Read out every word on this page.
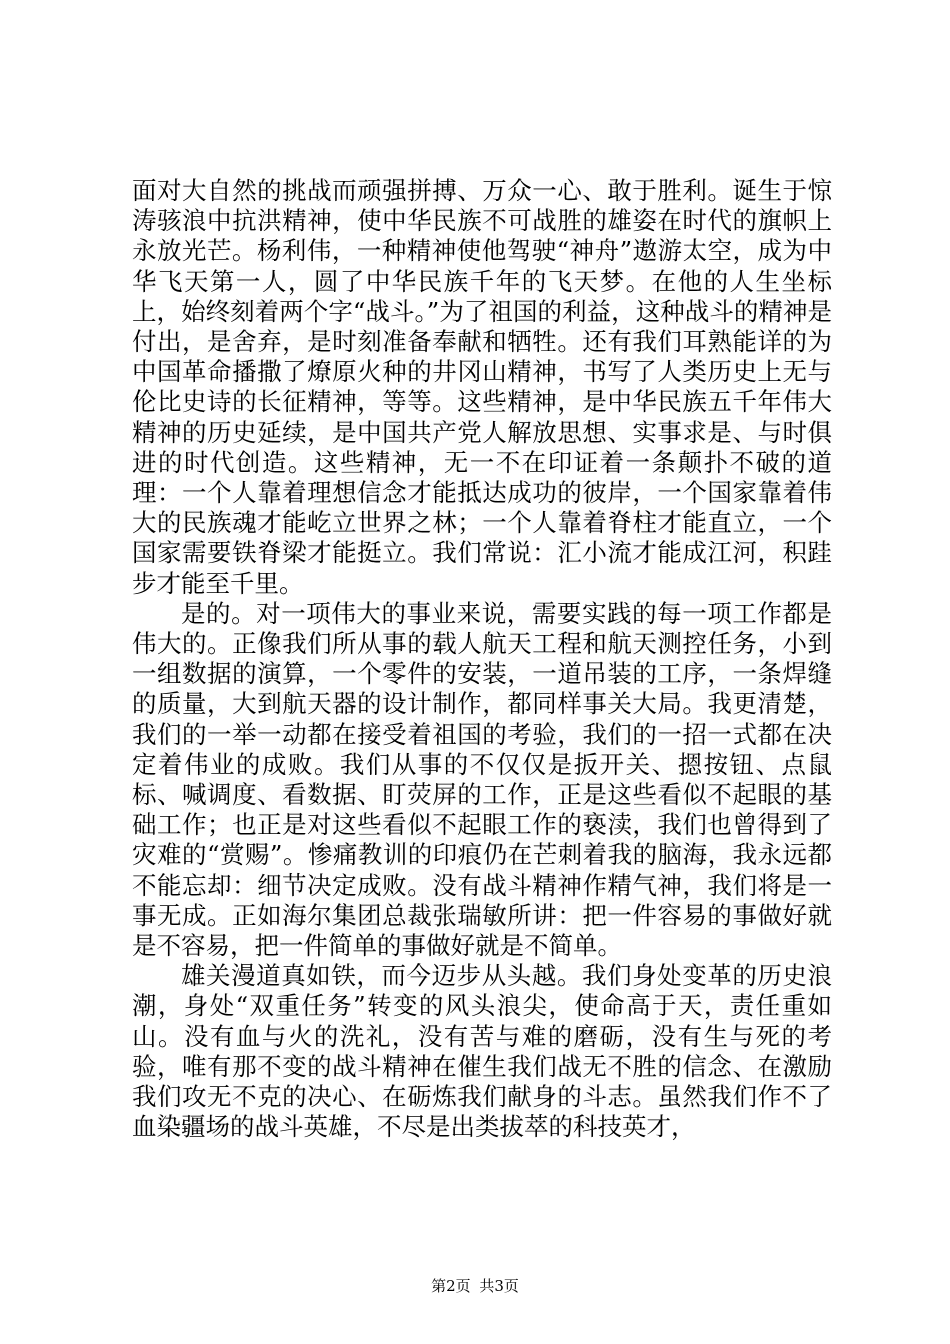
面对大自然的挑战而顽强拼搏、万众一心、敢于胜利。诞生于惊涛骇浪中抗洪精神，使中华民族不可战胜的雄姿在时代的旗帜上永放光芒。杨利伟，一种精神使他驾驶“神舟”遨游太空，成为中华飞天第一人，圆了中华民族千年的飞天梦。在他的人生坐标上，始终刻着两个字“战斗。”为了祖国的利益，这种战斗的精神是付出，是舍弃，是时刻准备奉献和牺牲。还有我们耳熟能详的为中国革命播撒了燎原火种的井冈山精神，书写了人类历史上无与伦比史诗的长征精神，等等。这些精神，是中华民族五千年伟大精神的历史延续，是中国共产党人解放思想、实事求是、与时俱进的时代创造。这些精神，无一不在印证着一条颠扑不破的道理：一个人靠着理想信念才能抵达成功的彼岸，一个国家靠着伟大的民族魂才能屹立世界之林；一个人靠着脊柱才能直立，一个国家需要铁脊梁才能挺立。我们常说：汇小流才能成江河，积跬步才能至千里。

是的。对一项伟大的事业来说，需要实践的每一项工作都是伟大的。正像我们所从事的载人航天工程和航天测控任务，小到一组数据的演算，一个零件的安装，一道吊装的工序，一条焊缝的质量，大到航天器的设计制作，都同样事关大局。我更清楚，我们的一举一动都在接受着祖国的考验，我们的一招一式都在决定着伟业的成败。我们从事的不仅仅是扳开关、摁按钮、点鼠标、喊调度、看数据、盯荧屏的工作，正是这些看似不起眼的基础工作；也正是对这些看似不起眼工作的亵渎，我们也曾得到了灾难的“赏赐”。惨痛教训的印痕仍在芒刺着我的脑海，我永远都不能忘却：细节决定成败。没有战斗精神作精气神，我们将是一事无成。正如海尔集团总裁张瑞敏所讲：把一件容易的事做好就是不容易，把一件简单的事做好就是不简单。

雄关漫道真如铁，而今迈步从头越。我们身处变革的历史浪潮，身处“双重任务”转变的风头浪尖，使命高于天，责任重如山。没有血与火的洗礼，没有苦与难的磨砺，没有生与死的考验，唯有那不变的战斗精神在催生我们战无不胜的信念、在激励我们攻无不克的决心、在砺炼我们献身的斗志。虽然我们作不了血染疆场的战斗英雄，不尽是出类拔萃的科技英才，

第2页 共3页
